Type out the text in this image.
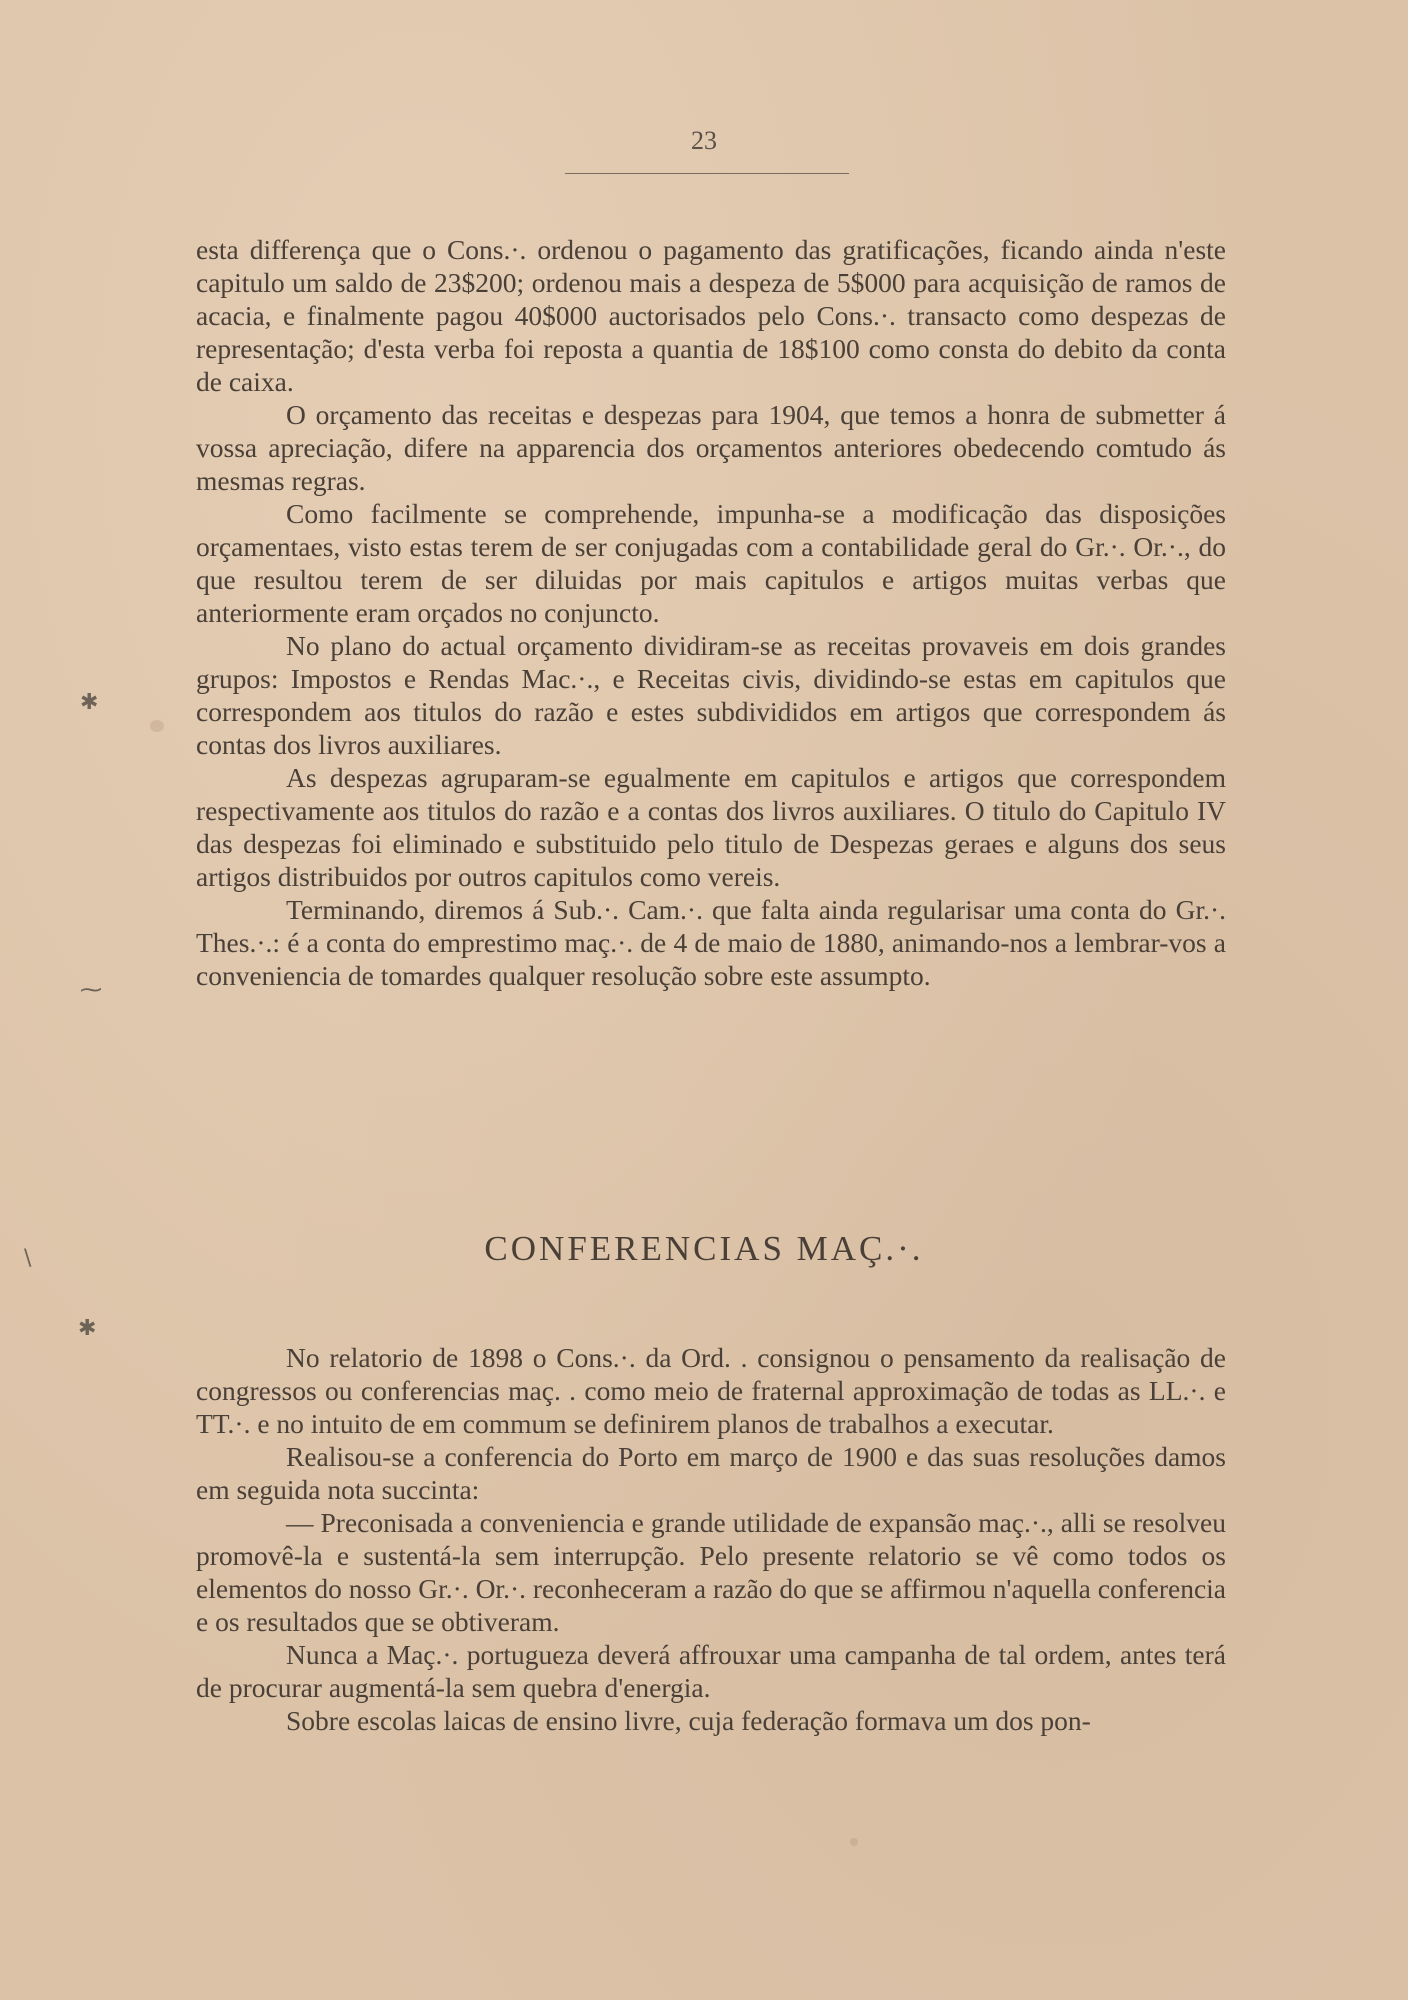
✱
⁓
\
✱
23

esta differença que o Cons.·. ordenou o pagamento das gratificações, ficando ainda n'este capitulo um saldo de 23$200; ordenou mais a despeza de 5$000 para acquisição de ramos de acacia, e finalmente pagou 40$000 auctorisados pelo Cons.·. transacto como despezas de representação; d'esta verba foi reposta a quantia de 18$100 como consta do debito da conta de caixa.

O orçamento das receitas e despezas para 1904, que temos a honra de submetter á vossa apreciação, difere na apparencia dos orçamentos anteriores obedecendo comtudo ás mesmas regras.

Como facilmente se comprehende, impunha-se a modificação das disposições orçamentaes, visto estas terem de ser conjugadas com a contabilidade geral do Gr.·. Or.·., do que resultou terem de ser diluidas por mais capitulos e artigos muitas verbas que anteriormente eram orçados no conjuncto.

No plano do actual orçamento dividiram-se as receitas provaveis em dois grandes grupos: Impostos e Rendas Mac.·., e Receitas civis, dividindo-se estas em capitulos que correspondem aos titulos do razão e estes subdivididos em artigos que correspondem ás contas dos livros auxiliares.

As despezas agruparam-se egualmente em capitulos e artigos que correspondem respectivamente aos titulos do razão e a contas dos livros auxiliares. O titulo do Capitulo IV das despezas foi eliminado e substituido pelo titulo de Despezas geraes e alguns dos seus artigos distribuidos por outros capitulos como vereis.

Terminando, diremos á Sub.·. Cam.·. que falta ainda regularisar uma conta do Gr.·. Thes.·.: é a conta do emprestimo maç.·. de 4 de maio de 1880, animando-nos a lembrar-vos a conveniencia de tomardes qualquer resolução sobre este assumpto.

CONFERENCIAS MAÇ.·.

No relatorio de 1898 o Cons.·. da Ord. . consignou o pensamento da realisação de congressos ou conferencias maç. . como meio de fraternal approximação de todas as LL.·. e TT.·. e no intuito de em commum se definirem planos de trabalhos a executar.

Realisou-se a conferencia do Porto em março de 1900 e das suas resoluções damos em seguida nota succinta:

— Preconisada a conveniencia e grande utilidade de expansão maç.·., alli se resolveu promovê-la e sustentá-la sem interrupção. Pelo presente relatorio se vê como todos os elementos do nosso Gr.·. Or.·. reconheceram a razão do que se affirmou n'aquella conferencia e os resultados que se obtiveram.

Nunca a Maç.·. portugueza deverá affrouxar uma campanha de tal ordem, antes terá de procurar augmentá-la sem quebra d'energia.

Sobre escolas laicas de ensino livre, cuja federação formava um dos pon-
